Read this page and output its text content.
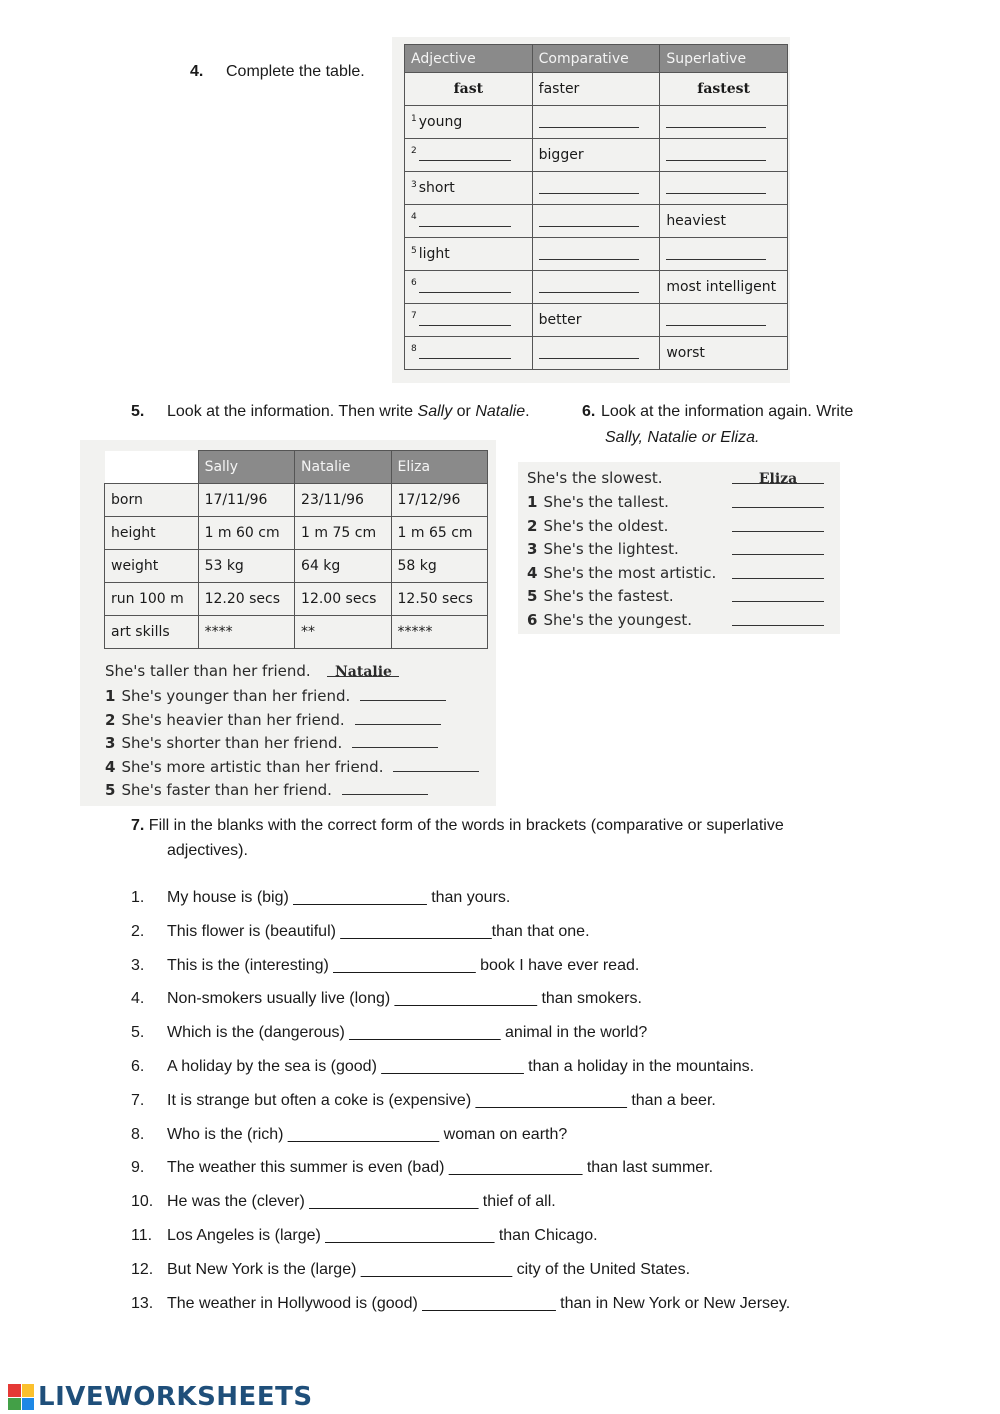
4. Complete the table.
Adjective	Comparative	Superlative
fast	faster	fastest
$^1$ young		
$^2$	bigger	
$^3$ short		
$^4$		heaviest
$^5$ light		
$^6$		most intelligent
$^7$	better	
$^8$		worst
5. Look at the information. Then write Sally or Natalie.
	Sally	Natalie	Eliza
born	17/11/96	23/11/96	17/12/96
height	1 m 60 cm	1 m 75 cm	1 m 65 cm
weight	53 kg	64 kg	58 kg
run 100 m	12.20 secs	12.00 secs	12.50 secs
art skills	****	**	*****
She's taller than her friend. Natalie
1 She's younger than her friend.
2 She's heavier than her friend.
3 She's shorter than her friend.
4 She's more artistic than her friend.
5 She's faster than her friend.
6. Look at the information again. Write
Sally, Natalie or Eliza.
She's the slowest.	Eliza
1 She's the tallest.
2 She's the oldest.
3 She's the lightest.
4 She's the most artistic.
5 She's the fastest.
6 She's the youngest.
7. Fill in the blanks with the correct form of the words in brackets (comparative or superlative
adjectives).
1. My house is (big) _______________ than yours.
2. This flower is (beautiful) _________________than that one.
3. This is the (interesting) ________________ book I have ever read.
4. Non-smokers usually live (long) ________________ than smokers.
5. Which is the (dangerous) _________________ animal in the world?
6. A holiday by the sea is (good) ________________ than a holiday in the mountains.
7. It is strange but often a coke is (expensive) _________________ than a beer.
8. Who is the (rich) _________________ woman on earth?
9. The weather this summer is even (bad) _______________ than last summer.
10. He was the (clever) ___________________ thief of all.
11. Los Angeles is (large) ___________________ than Chicago.
12. But New York is the (large) _________________ city of the United States.
13. The weather in Hollywood is (good) _______________ than in New York or New Jersey.
LIVEWORKSHEETS
